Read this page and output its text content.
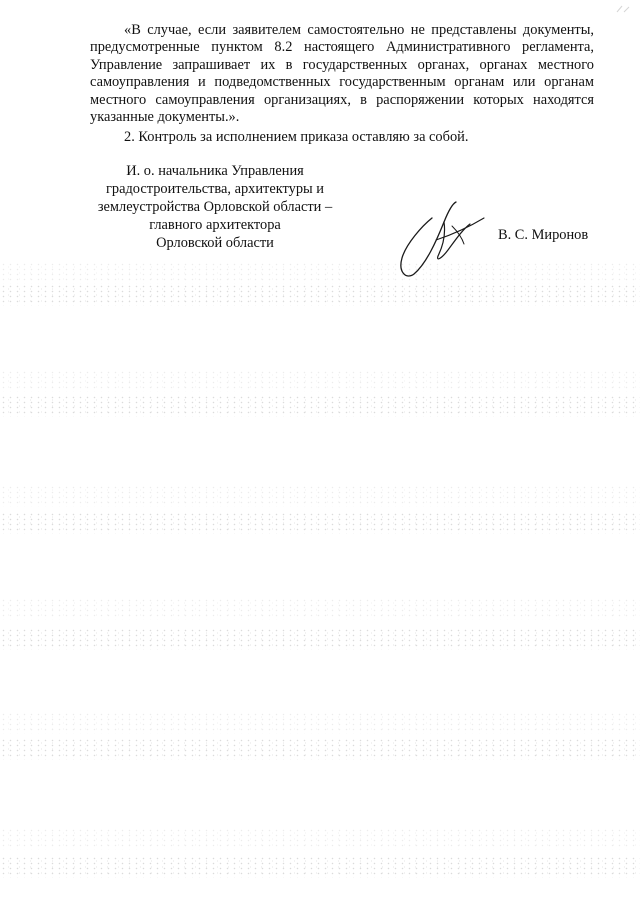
«В случае, если заявителем самостоятельно не представлены документы, предусмотренные пунктом 8.2 настоящего Административного регламента, Управление запрашивает их в государственных органах, органах местного самоуправления и подведомственных государственным органам или органам местного самоуправления организациях, в распоряжении которых находятся указанные документы.».

2. Контроль за исполнением приказа оставляю за собой.

И. о. начальника Управления
градостроительства, архитектуры и
землеустройства Орловской области –
главного архитектора
Орловской области	В. С. Миронов
